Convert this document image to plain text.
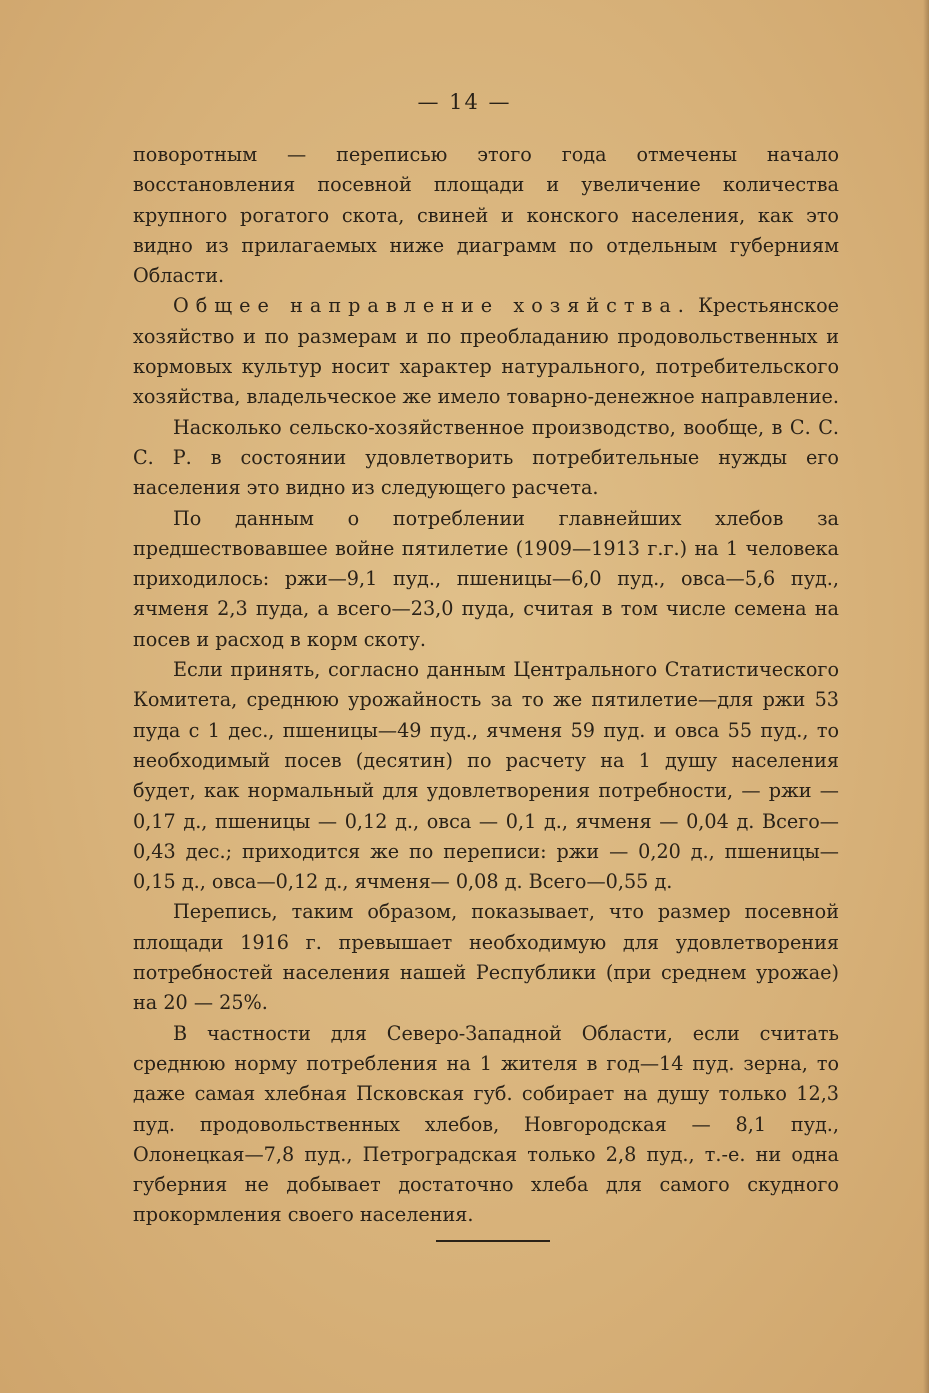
— 14 —

поворотным — переписью этого года отмечены начало восстановления посевной площади и увеличение количества крупного рогатого скота, свиней и конского населения, как это видно из прилагаемых ниже диаграмм по отдельным губерниям Области.

Общее направление хозяйства. Крестьянское хозяйство и по размерам и по преобладанию продовольственных и кормовых культур носит характер натурального, потребительского хозяйства, владельческое же имело товарно-денежное направление.

Насколько сельско-хозяйственное производство, вообще, в С. С. С. Р. в состоянии удовлетворить потребительные нужды его населения это видно из следующего расчета.

По данным о потреблении главнейших хлебов за предшествовавшее войне пятилетие (1909—1913 г.г.) на 1 человека приходилось: ржи—9,1 пуд., пшеницы—6,0 пуд., овса—5,6 пуд., ячменя 2,3 пуда, а всего—23,0 пуда, считая в том числе семена на посев и расход в корм скоту.

Если принять, согласно данным Центрального Статистического Комитета, среднюю урожайность за то же пятилетие—для ржи 53 пуда с 1 дес., пшеницы—49 пуд., ячменя 59 пуд. и овса 55 пуд., то необходимый посев (десятин) по расчету на 1 душу населения будет, как нормальный для удовлетворения потребности, — ржи — 0,17 д., пшеницы — 0,12 д., овса — 0,1 д., ячменя — 0,04 д. Всего—0,43 дес.; приходится же по переписи: ржи — 0,20 д., пшеницы—0,15 д., овса—0,12 д., ячменя— 0,08 д. Всего—0,55 д.

Перепись, таким образом, показывает, что размер посевной площади 1916 г. превышает необходимую для удовлетворения потребностей населения нашей Республики (при среднем урожае) на 20 — 25%.

В частности для Северо-Западной Области, если считать среднюю норму потребления на 1 жителя в год—14 пуд. зерна, то даже самая хлебная Псковская губ. собирает на душу только 12,3 пуд. продовольственных хлебов, Новгородская — 8,1 пуд., Олонецкая—7,8 пуд., Петроградская только 2,8 пуд., т.-е. ни одна губерния не добывает достаточно хлеба для самого скудного прокормления своего населения.
